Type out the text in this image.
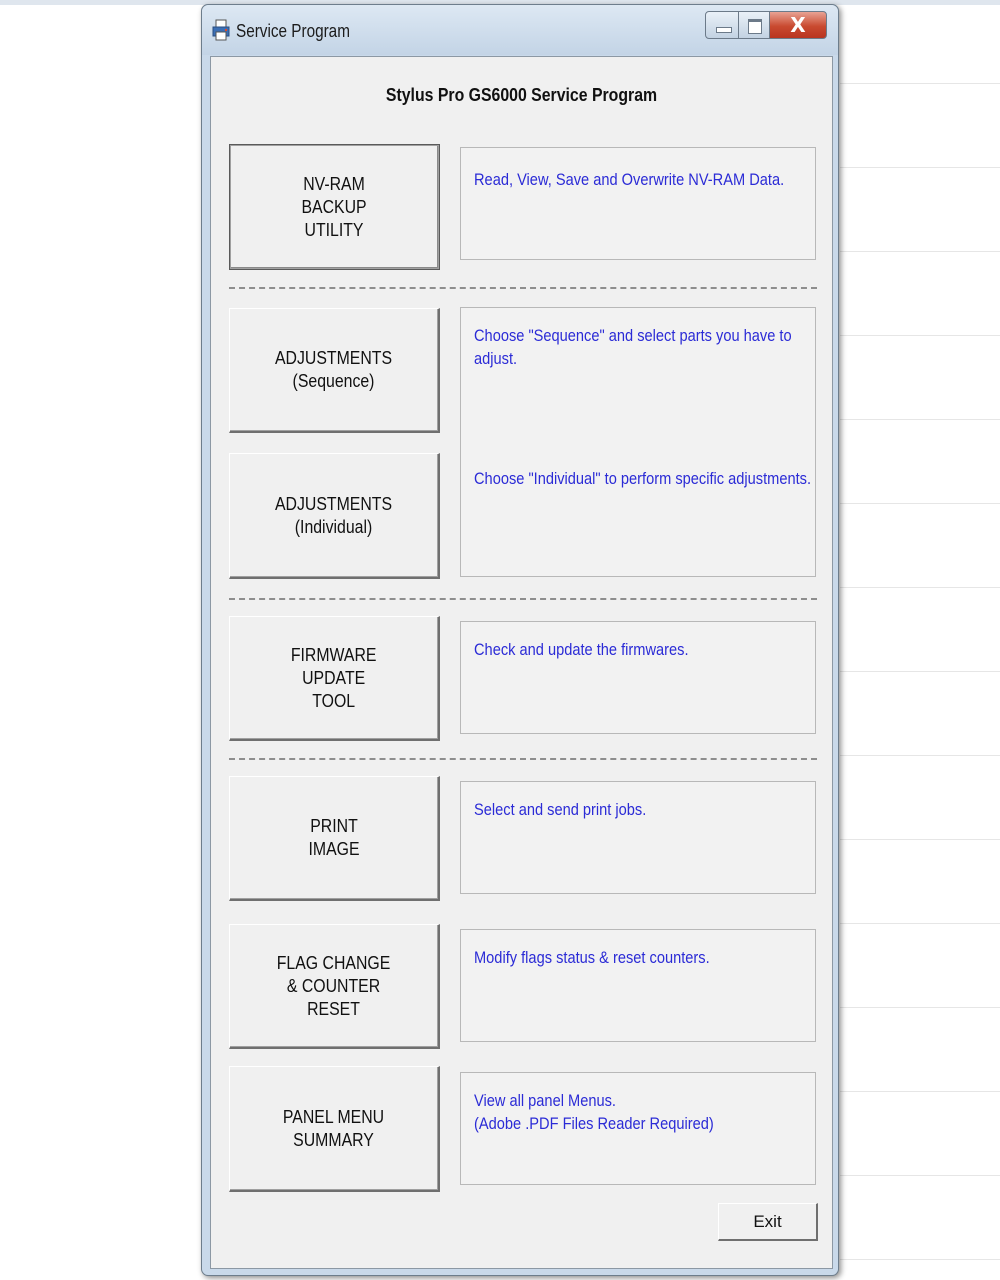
Service Program	X
Stylus Pro GS6000 Service Program
NV-RAM
BACKUP
UTILITY
Read, View, Save and Overwrite NV-RAM Data.
ADJUSTMENTS
(Sequence)
ADJUSTMENTS
(Individual)
Choose "Sequence" and select parts you have to
adjust.
Choose "Individual" to perform specific adjustments.
FIRMWARE
UPDATE
TOOL
Check and update the firmwares.
PRINT
IMAGE
Select and send print jobs.
FLAG CHANGE
& COUNTER
RESET
Modify flags status & reset counters.
PANEL MENU
SUMMARY
View all panel Menus.
(Adobe .PDF Files Reader Required)
Exit
